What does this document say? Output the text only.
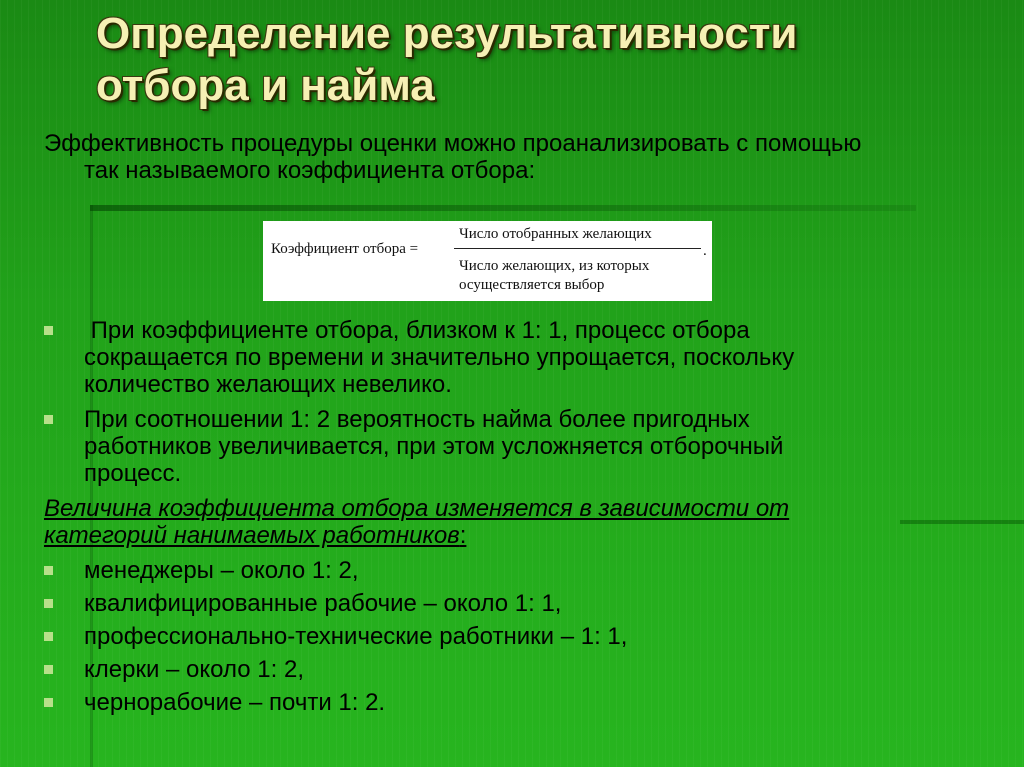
Определение результативности
отбора и найма

Эффективность процедуры оценки можно проанализировать с помощью
так называемого коэффициента отбора:

Коэффициент отбора =
Число отобранных желающих
Число желающих, из которых
осуществляется выбор
.
При коэффициенте отбора, близком к 1: 1, процесс отбора
сокращается по времени и значительно упрощается, поскольку
количество желающих невелико.
При соотношении 1: 2 вероятность найма более пригодных
работников увеличивается, при этом усложняется отборочный
процесс.
Величина коэффициента отбора изменяется в зависимости от
категорий нанимаемых работников:
менеджеры – около 1: 2,
квалифицированные рабочие – около 1: 1,
профессионально-технические работники – 1: 1,
клерки – около 1: 2,
чернорабочие – почти 1: 2.
